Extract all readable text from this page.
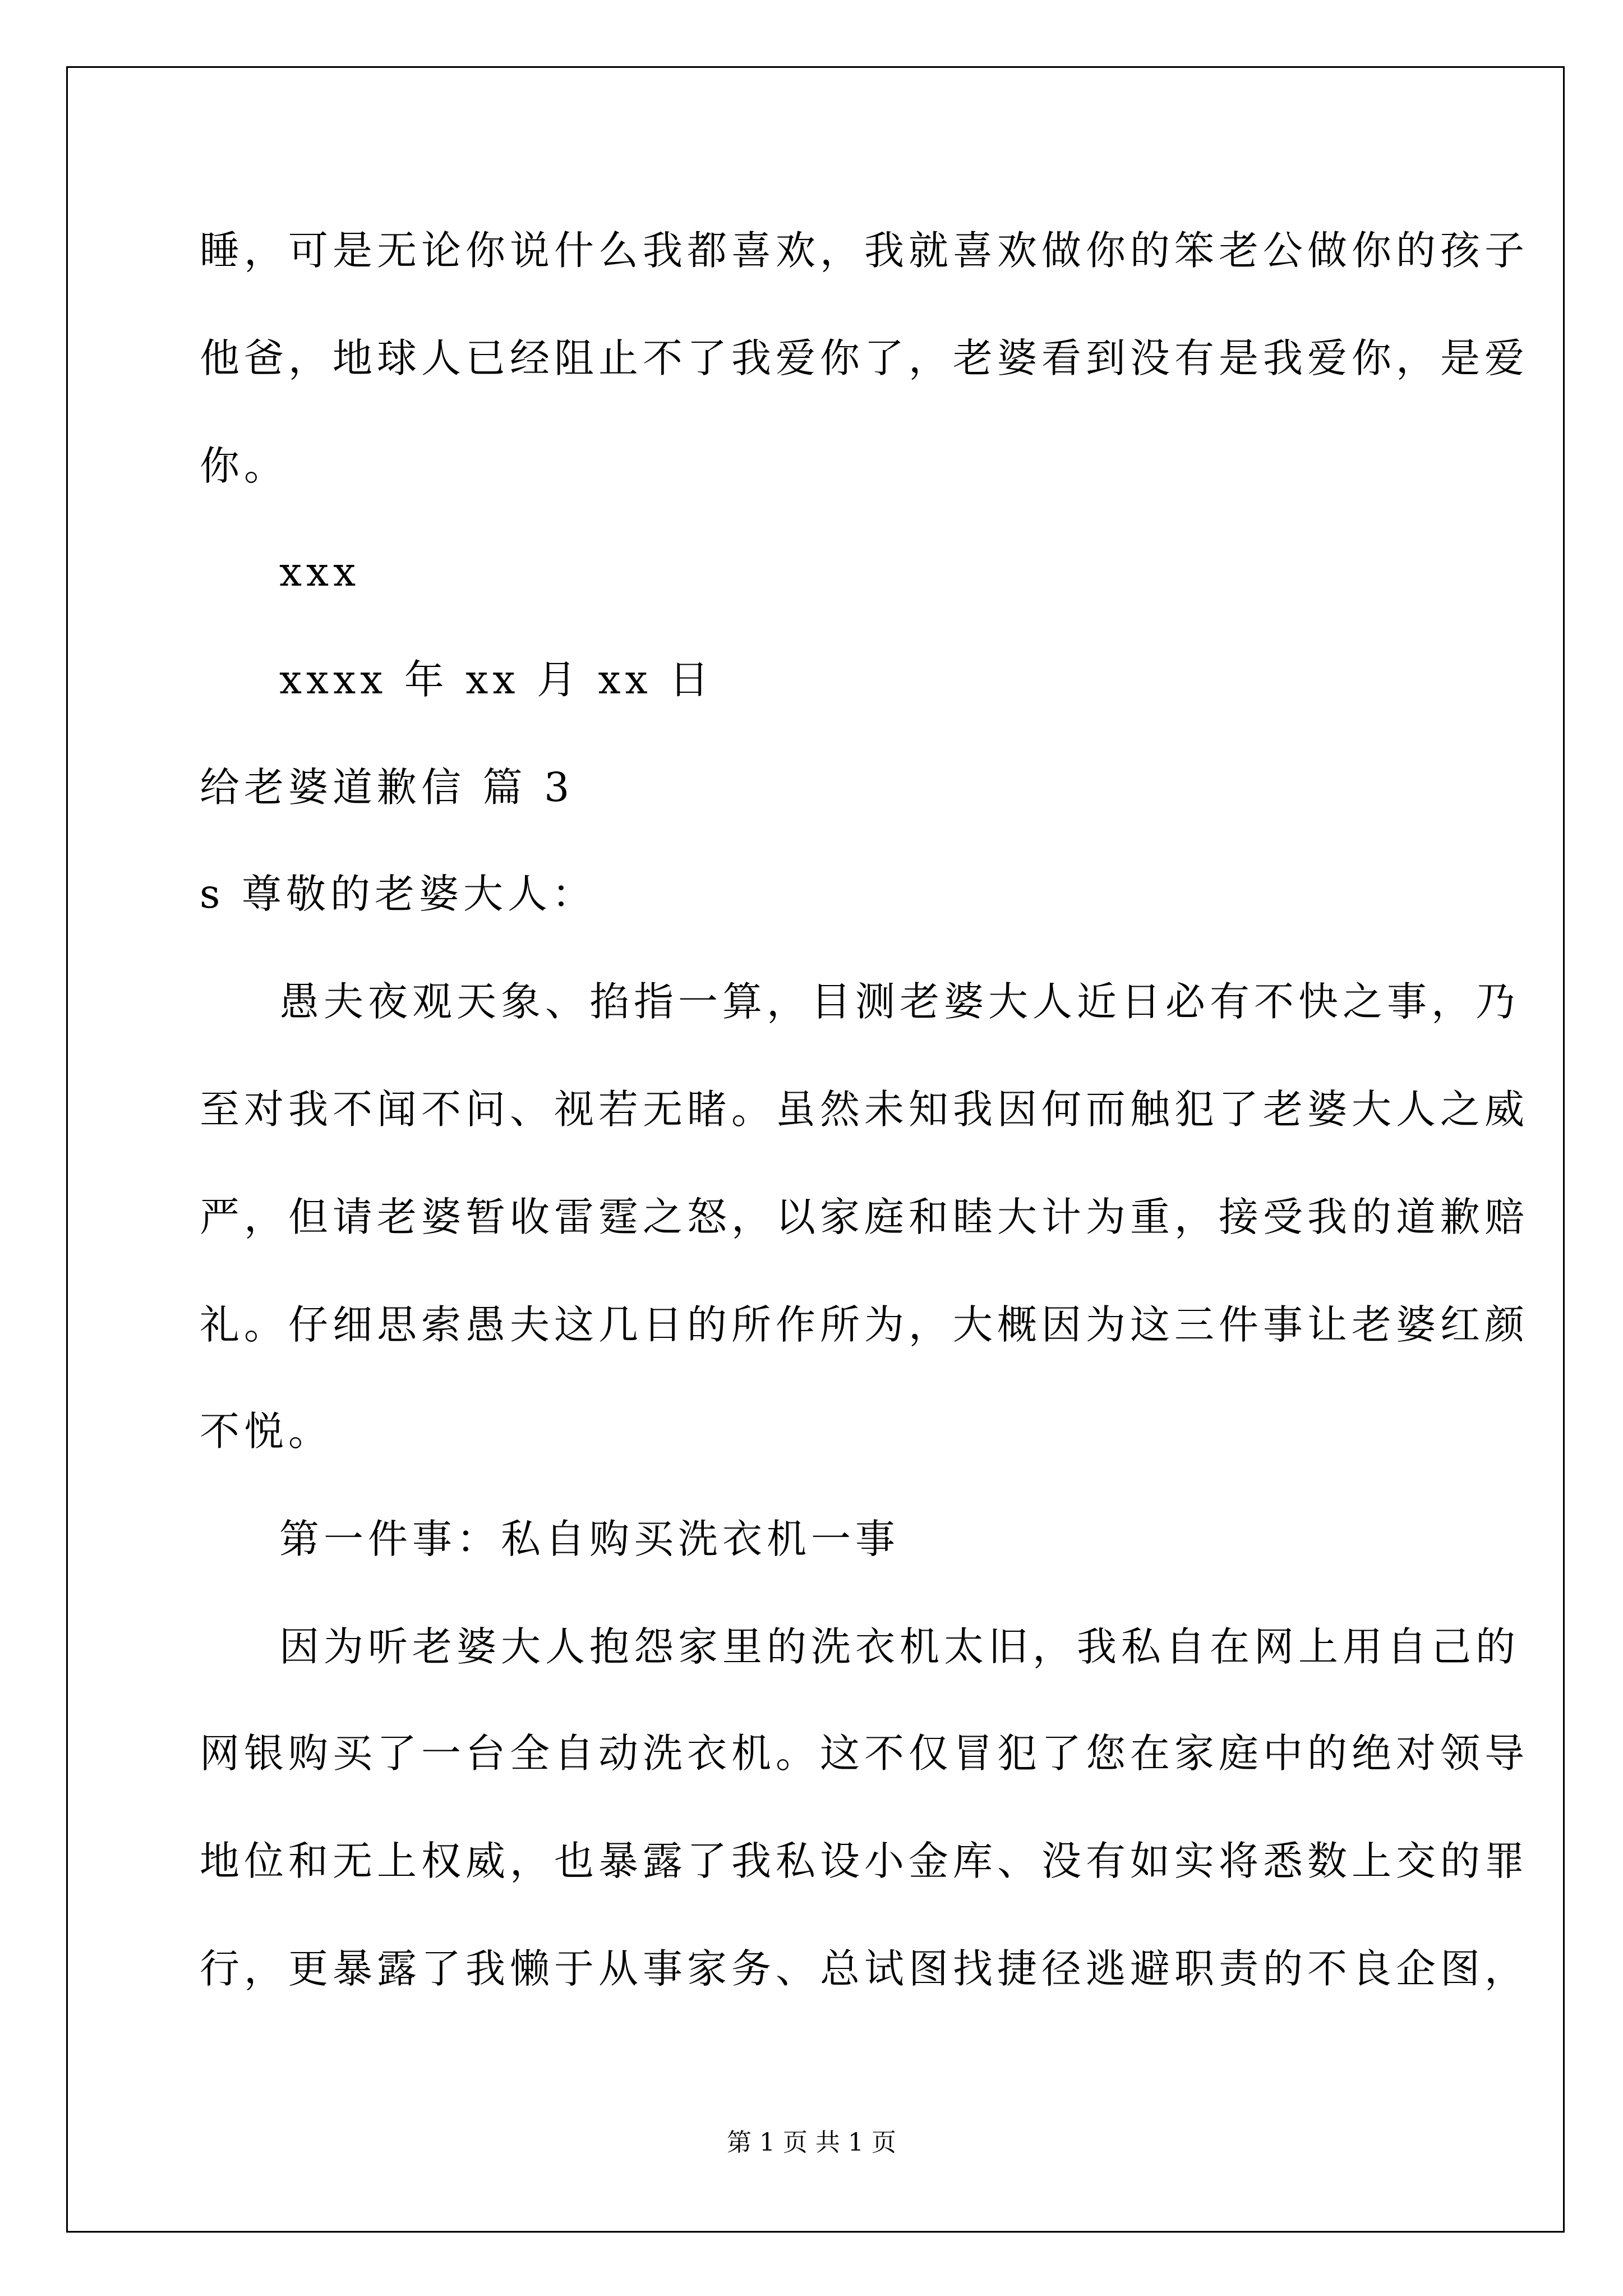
睡，可是无论你说什么我都喜欢，我就喜欢做你的笨老公做你的孩子
他爸，地球人已经阻止不了我爱你了，老婆看到没有是我爱你，是爱
你。
xxx
xxxx 年 xx 月 xx 日
给老婆道歉信 篇 3
s 尊敬的老婆大人：
愚夫夜观天象、掐指一算，目测老婆大人近日必有不快之事，乃
至对我不闻不问、视若无睹。虽然未知我因何而触犯了老婆大人之威
严，但请老婆暂收雷霆之怒，以家庭和睦大计为重，接受我的道歉赔
礼。仔细思索愚夫这几日的所作所为，大概因为这三件事让老婆红颜
不悦。
第一件事：私自购买洗衣机一事
因为听老婆大人抱怨家里的洗衣机太旧，我私自在网上用自己的
网银购买了一台全自动洗衣机。这不仅冒犯了您在家庭中的绝对领导
地位和无上权威，也暴露了我私设小金库、没有如实将悉数上交的罪
行，更暴露了我懒于从事家务、总试图找捷径逃避职责的不良企图，
第 1 页 共 1 页
